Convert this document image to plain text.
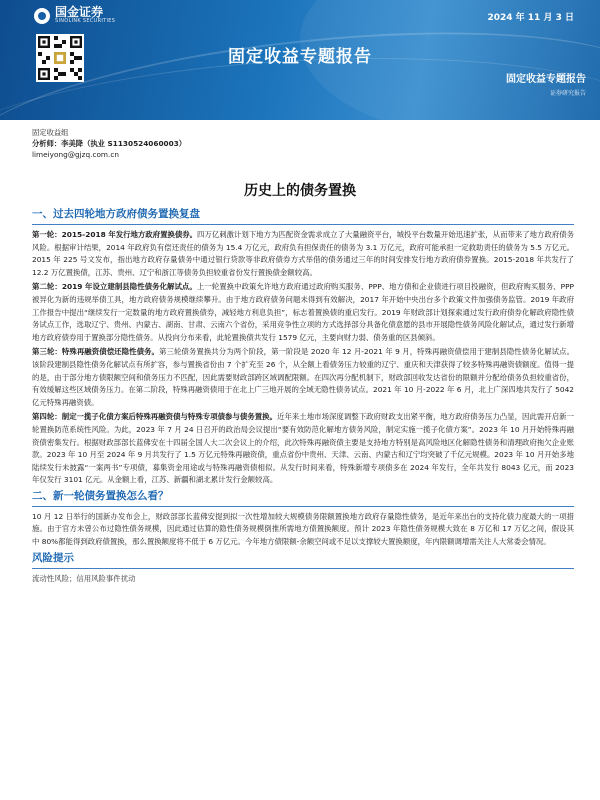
国金证券
SINOLINK SECURITIES	2024 年 11 月 3 日
固定收益专题报告
固定收益专题报告
证券研究报告
固定收益组
分析师：李美降（执业 S1130524060003）
limeiyong@gjzq.com.cn
历史上的债务置换
一、过去四轮地方政府债务置换复盘

第一轮：2015-2018 年发行地方政府置换债券。四万亿刺激计划下地方为匹配资金需求成立了大量融资平台，城投平台数量开始迅速扩张，从而带来了地方政府债务风险。根据审计结果，2014 年政府负有偿还责任的债务为 15.4 万亿元，政府负有担保责任的债务为 3.1 万亿元，政府可能承担一定救助责任的债务为 5.5 万亿元。2015 年 225 号文发布，指出地方政府存量债务中通过银行贷款等非政府债券方式举借的债务通过三年的时间安排发行地方政府债券置换。2015-2018 年共发行了 12.2 万亿置换债，江苏、贵州、辽宁和浙江等债务负担较重省份发行置换债金额较高。

第二轮：2019 年设立建制县隐性债务化解试点。上一轮置换中政策允许地方政府通过政府购买服务、PPP、地方债和企业债进行项目投融资，但政府购买服务、PPP 被异化为新的违规举债工具，地方政府债务规模继续攀升。由于地方政府债务问题未得到有效解决，2017 年开始中央出台多个政策文件加强债务监管。2019 年政府工作报告中提出“继续发行一定数量的地方政府置换债券，减轻地方利息负担”，标志着置换债的重启发行。2019 年财政部计划探索通过发行政府债券化解政府隐性债务试点工作，选取辽宁、贵州、内蒙古、湖南、甘肃、云南六个省份，采用竞争性立项的方式选择部分具备化债意愿的县市开展隐性债务风险化解试点，通过发行新增地方政府债券用于置换部分隐性债务。从投向分布来看，此轮置换债共发行 1579 亿元，主要向财力弱、债务重的区县倾斜。

第三轮：特殊再融资债偿还隐性债务。第三轮债务置换共分为两个阶段，第一阶段是 2020 年 12 月-2021 年 9 月，特殊再融资债偿用于建制县隐性债务化解试点。该阶段建制县隐性债务化解试点有所扩容，参与置换省份由 7 个扩充至 26 个，从全额上看债务压力较重的辽宁、重庆和天津获得了较多特殊再融资债额度。值得一提的是，由于部分地方债限额空间和债务压力不匹配，因此需要财政部跨区域调配限额。在四次再分配机制下，财政部回收发达省份的限额并分配给债务负担较重省份，有效缓解这些区域债务压力。在第二阶段，特殊再融资债用于在北上广三地开展的全域无隐性债务试点。2021 年 10 月-2022 年 6 月，北上广深四地共发行了 5042 亿元特殊再融资债。

第四轮：制定一揽子化债方案后特殊再融资债与特殊专项债参与债务置换。近年来土地市场深度调整下政府财政支出紧平衡，地方政府债务压力凸显，因此需开启新一轮置换防范系统性风险。为此，2023 年 7 月 24 日召开的政治局会议提出“要有效防范化解地方债务风险，制定实施一揽子化债方案”。2023 年 10 月开始特殊再融资债密集发行。根据财政部部长蓝佛安在十四届全国人大二次会议上的介绍，此次特殊再融资债主要是支持地方特别是高风险地区化解隐性债务和清理政府拖欠企业账款。2023 年 10 月至 2024 年 9 月共发行了 1.5 万亿元特殊再融资债，重点省份中贵州、天津、云南、内蒙古和辽宁均突破了千亿元规模。2023 年 10 月开始多地陆续发行未披露“一案两书”专项债，募集资金用途或与特殊再融资债相似。从发行时间来看，特殊新增专项债多在 2024 年发行，全年共发行 8043 亿元，而 2023 年仅发行 3101 亿元。从金额上看，江苏、新疆和湖北累计发行金额较高。

二、新一轮债务置换怎么看？

10 月 12 日举行的国新办发布会上，财政部部长蓝佛安提到拟一次性增加较大规模债务限额置换地方政府存量隐性债务，是近年来出台的支持化债力度最大的一项措施。由于官方未曾公布过隐性债务规模，因此通过估算的隐性债务规模倒推所需地方债置换额度。预计 2023 年隐性债务规模大致在 8 万亿和 17 万亿之间，假设其中 80%都能得到政府债置换，那么置换额度将不低于 6 万亿元。今年地方债限额-余额空间或不足以支撑较大置换额度，年内限额调增需关注人大常委会情况。

风险提示
流动性风险；信用风险事件扰动
